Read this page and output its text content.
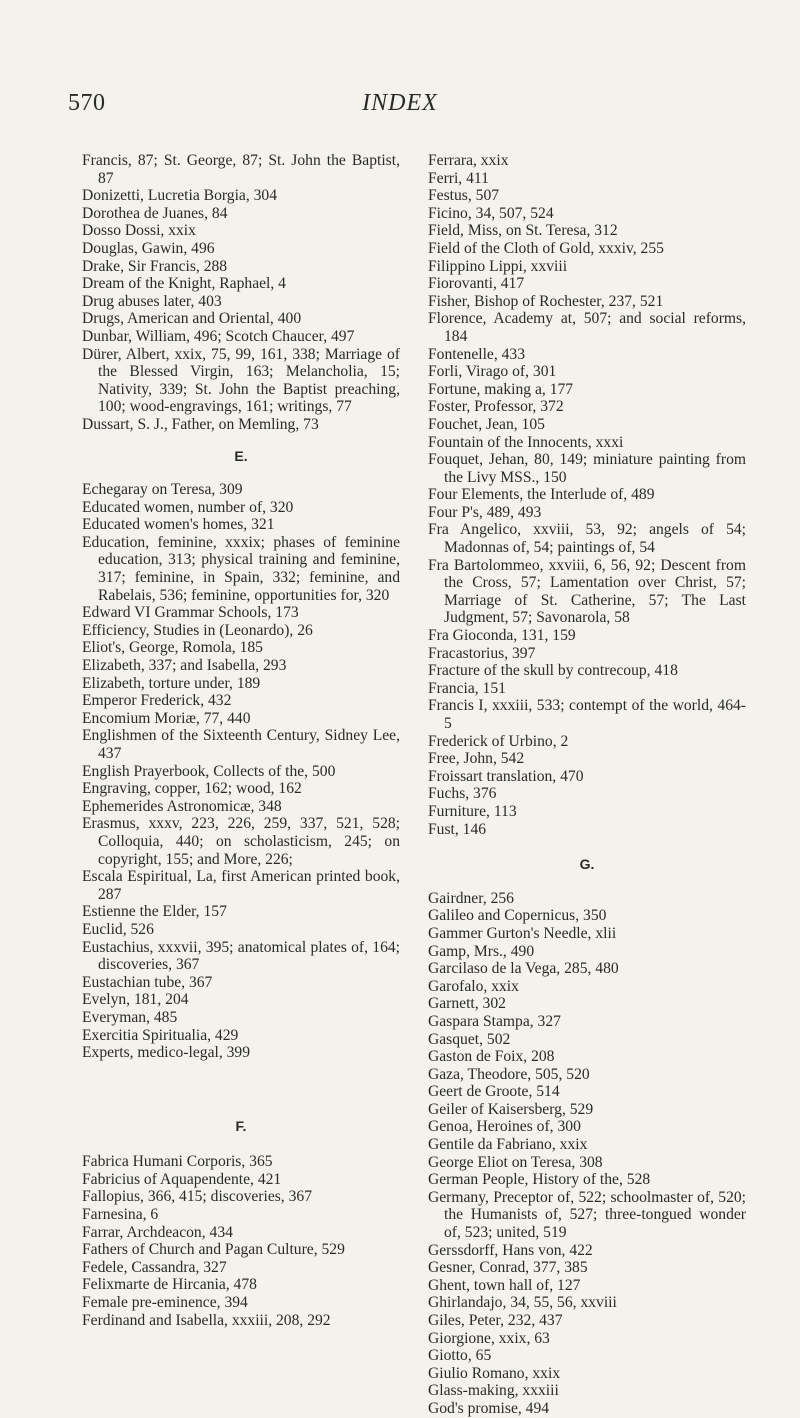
570	INDEX

Francis, 87; St. George, 87; St. John the Baptist, 87

Donizetti, Lucretia Borgia, 304

Dorothea de Juanes, 84

Dosso Dossi, xxix

Douglas, Gawin, 496

Drake, Sir Francis, 288

Dream of the Knight, Raphael, 4

Drug abuses later, 403

Drugs, American and Oriental, 400

Dunbar, William, 496; Scotch Chaucer, 497

Dürer, Albert, xxix, 75, 99, 161, 338; Marriage of the Blessed Virgin, 163; Melancholia, 15; Nativity, 339; St. John the Baptist preaching, 100; wood-engravings, 161; writings, 77

Dussart, S. J., Father, on Memling, 73

E.

Echegaray on Teresa, 309

Educated women, number of, 320

Educated women's homes, 321

Education, feminine, xxxix; phases of feminine education, 313; physical training and feminine, 317; feminine, in Spain, 332; feminine, and Rabelais, 536; feminine, opportunities for, 320

Edward VI Grammar Schools, 173

Efficiency, Studies in (Leonardo), 26

Eliot's, George, Romola, 185

Elizabeth, 337; and Isabella, 293

Elizabeth, torture under, 189

Emperor Frederick, 432

Encomium Moriæ, 77, 440

Englishmen of the Sixteenth Century, Sidney Lee, 437

English Prayerbook, Collects of the, 500

Engraving, copper, 162; wood, 162

Ephemerides Astronomicæ, 348

Erasmus, xxxv, 223, 226, 259, 337, 521, 528; Colloquia, 440; on scholasticism, 245; on copyright, 155; and More, 226;

Escala Espiritual, La, first American printed book, 287

Estienne the Elder, 157

Euclid, 526

Eustachius, xxxvii, 395; anatomical plates of, 164; discoveries, 367

Eustachian tube, 367

Evelyn, 181, 204

Everyman, 485

Exercitia Spiritualia, 429

Experts, medico-legal, 399

F.

Fabrica Humani Corporis, 365

Fabricius of Aquapendente, 421

Fallopius, 366, 415; discoveries, 367

Farnesina, 6

Farrar, Archdeacon, 434

Fathers of Church and Pagan Culture, 529

Fedele, Cassandra, 327

Felixmarte de Hircania, 478

Female pre-eminence, 394

Ferdinand and Isabella, xxxiii, 208, 292

Ferrara, xxix

Ferri, 411

Festus, 507

Ficino, 34, 507, 524

Field, Miss, on St. Teresa, 312

Field of the Cloth of Gold, xxxiv, 255

Filippino Lippi, xxviii

Fiorovanti, 417

Fisher, Bishop of Rochester, 237, 521

Florence, Academy at, 507; and social reforms, 184

Fontenelle, 433

Forli, Virago of, 301

Fortune, making a, 177

Foster, Professor, 372

Fouchet, Jean, 105

Fountain of the Innocents, xxxi

Fouquet, Jehan, 80, 149; miniature painting from the Livy MSS., 150

Four Elements, the Interlude of, 489

Four P's, 489, 493

Fra Angelico, xxviii, 53, 92; angels of 54; Madonnas of, 54; paintings of, 54

Fra Bartolommeo, xxviii, 6, 56, 92; Descent from the Cross, 57; Lamentation over Christ, 57; Marriage of St. Catherine, 57; The Last Judgment, 57; Savonarola, 58

Fra Gioconda, 131, 159

Fracastorius, 397

Fracture of the skull by contrecoup, 418

Francia, 151

Francis I, xxxiii, 533; contempt of the world, 464-5

Frederick of Urbino, 2

Free, John, 542

Froissart translation, 470

Fuchs, 376

Furniture, 113

Fust, 146

G.

Gairdner, 256

Galileo and Copernicus, 350

Gammer Gurton's Needle, xlii

Gamp, Mrs., 490

Garcilaso de la Vega, 285, 480

Garofalo, xxix

Garnett, 302

Gaspara Stampa, 327

Gasquet, 502

Gaston de Foix, 208

Gaza, Theodore, 505, 520

Geert de Groote, 514

Geiler of Kaisersberg, 529

Genoa, Heroines of, 300

Gentile da Fabriano, xxix

George Eliot on Teresa, 308

German People, History of the, 528

Germany, Preceptor of, 522; schoolmaster of, 520; the Humanists of, 527; three-tongued wonder of, 523; united, 519

Gerssdorff, Hans von, 422

Gesner, Conrad, 377, 385

Ghent, town hall of, 127

Ghirlandajo, 34, 55, 56, xxviii

Giles, Peter, 232, 437

Giorgione, xxix, 63

Giotto, 65

Giulio Romano, xxix

Glass-making, xxxiii

God's promise, 494
